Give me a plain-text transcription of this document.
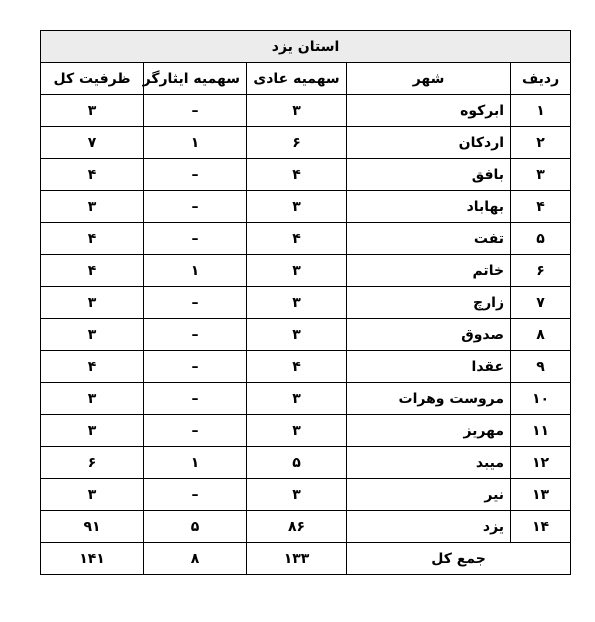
استان یزد				
ردیف	شهر	سهمیه عادی	سهمیه ایثارگر	ظرفیت کل
۱	ابرکوه	۳	–	۳
۲	اردکان	۶	۱	۷
۳	بافق	۴	–	۴
۴	بهاباد	۳	–	۳
۵	تفت	۴	–	۴
۶	خاتم	۳	۱	۴
۷	زارچ	۳	–	۳
۸	صدوق	۳	–	۳
۹	عقدا	۴	–	۴
۱۰	مروست وهرات	۳	–	۳
۱۱	مهریز	۳	–	۳
۱۲	میبد	۵	۱	۶
۱۳	نیر	۳	–	۳
۱۴	یزد	۸۶	۵	۹۱
جمع کل		۱۳۳	۸	۱۴۱
